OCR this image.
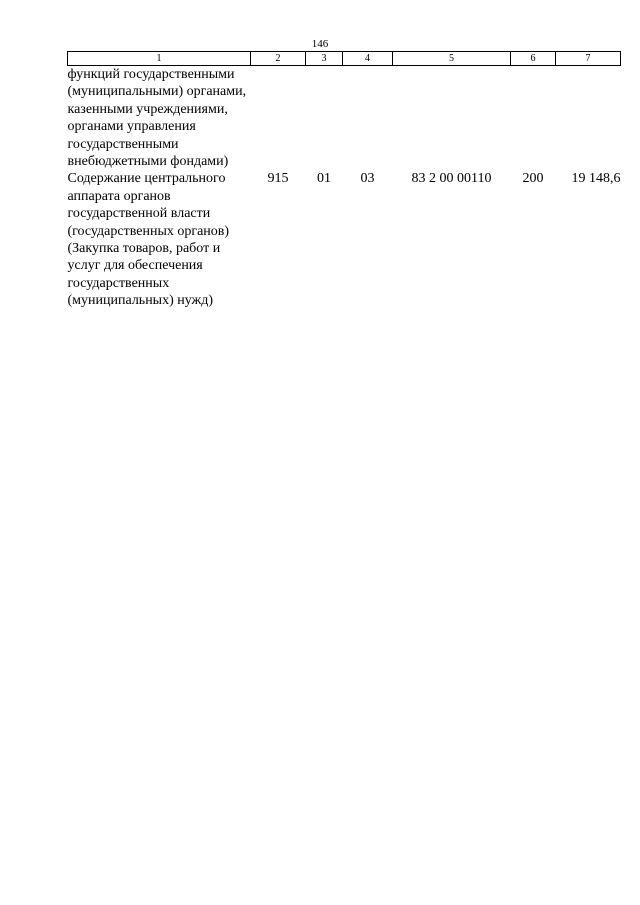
146
1	2	3	4	5	6	7
функций государственными (муниципальными) органами, казенными учреждениями, органами управления государственными внебюджетными фондами)						
Содержание центрального аппарата органов государственной власти (государственных органов) (Закупка товаров, работ и услуг для обеспечения государственных (муниципальных) нужд)	915	01	03	83 2 00 00110	200	19 148,6
